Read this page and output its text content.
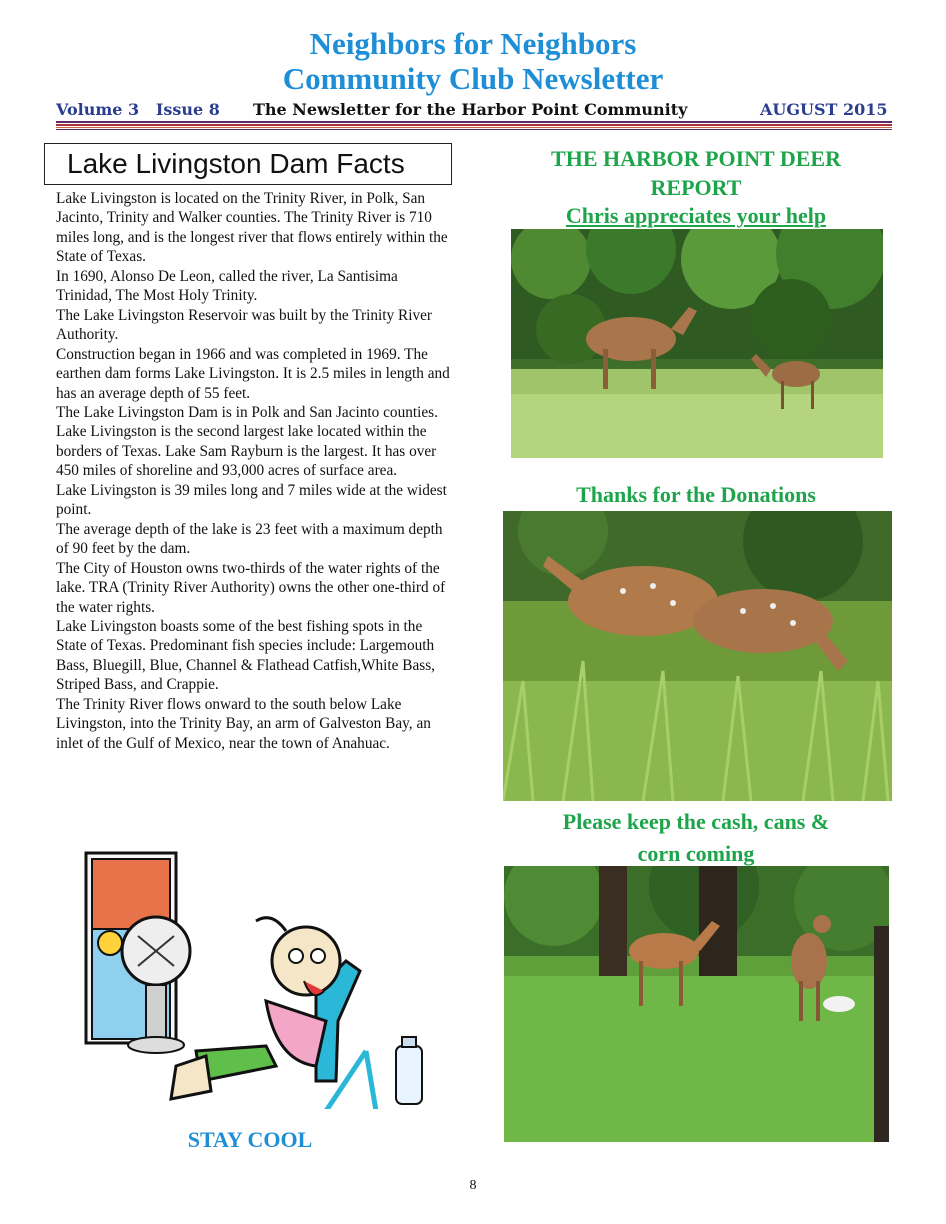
Neighbors for Neighbors
Community Club Newsletter
Volume 3   Issue 8 The Newsletter for the Harbor Point Community	AUGUST 2015
Lake Livingston Dam Facts

Lake Livingston is located on the Trinity River, in Polk, San Jacinto, Trinity and Walker counties. The Trinity River is 710 miles long, and is the longest river that flows entirely within the State of Texas.

In 1690, Alonso De Leon, called the river, La Santisima Trinidad, The Most Holy Trinity.

The Lake Livingston Reservoir was built by the Trinity River Authority.

Construction began in 1966 and was completed in 1969. The earthen dam forms Lake Livingston. It is 2.5 miles in length and has an average depth of 55 feet.

The Lake Livingston Dam is in Polk and San Jacinto counties.

Lake Livingston is the second largest lake located within the borders of Texas. Lake Sam Rayburn is the largest. It has over 450 miles of shoreline and 93,000 acres of surface area.

Lake Livingston is 39 miles long and 7 miles wide at the widest point.

The average depth of the lake is 23 feet with a maximum depth of 90 feet by the dam.

The City of Houston owns two-thirds of the water rights of the lake. TRA (Trinity River Authority) owns the other one-third of the water rights.

Lake Livingston boasts some of the best fishing spots in the State of Texas. Predominant fish species include: Largemouth Bass, Bluegill, Blue, Channel & Flathead Catfish,White Bass, Striped Bass, and Crappie.

The Trinity River flows onward to the south below Lake Livingston, into the Trinity Bay, an arm of Galveston Bay, an inlet of the Gulf of Mexico, near the town of Anahuac.

THE HARBOR POINT DEER
REPORT
Chris appreciates your help
Thanks for the Donations
Please keep the cash, cans &
corn coming
STAY COOL
8
